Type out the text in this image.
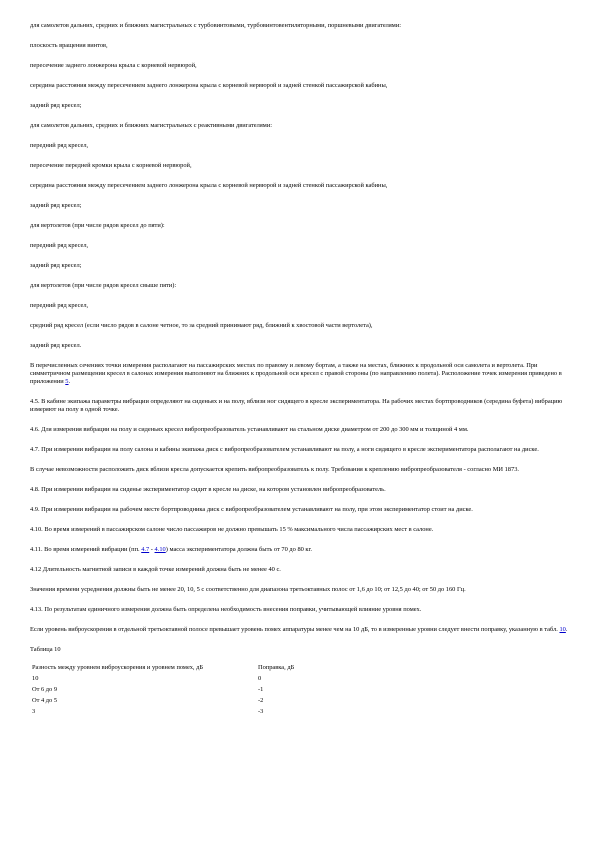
для самолетов дальних, средних и ближних магистральных с турбовинтовыми, турбовинтовентиляторными, поршневыми двигателями:

плоскость вращения винтов,

пересечение заднего лонжерона крыла с корневой нервюрой,

середина расстояния между пересечением заднего лонжерона крыла с корневой нервюрой и задней стенкой пассажирской кабины,

задний ряд кресел;

для самолетов дальних, средних и ближних магистральных с реактивными двигателями:

передний ряд кресел,

пересечение передней кромки крыла с корневой нервюрой,

середина расстояния между пересечением заднего лонжерона крыла с корневой нервюрой и задней стенкой пассажирской кабины,

задний ряд кресел;

для вертолетов (при числе рядов кресел до пяти):

передний ряд кресел,

задний ряд кресел;

для вертолетов (при числе рядов кресел свыше пяти):

передний ряд кресел,

средний ряд кресел (если число рядов в салоне четное, то за средний принимают ряд, ближний к хвостовой части вертолета),

задний ряд кресел.

В перечисленных сечениях точки измерения располагают на пассажирских местах по правому и левому бортам, а также на местах, ближних к продольной оси самолета и вертолета. При симметричном размещении кресел в салонах измерения выполняют на ближних к продольной оси кресел с правой стороны (по направлению полета). Расположение точек измерения приведено в приложении 5.

4.5. В кабине экипажа параметры вибрации определяют на сиденьях и на полу, вблизи ног сидящего в кресле экспериментатора. На рабочих местах бортпроводников (середина буфета) вибрацию измеряют на полу в одной точке.

4.6. Для измерения вибрации на полу и сиденьях кресел вибропреобразователь устанавливают на стальном диске диаметром от 200 до 300 мм и толщиной 4 мм.

4.7. При измерении вибрации на полу салона и кабины экипажа диск с вибропреобразователем устанавливают на полу, а ноги сидящего в кресле экспериментатора располагают на диске.

В случае невозможности расположить диск вблизи кресла допускается крепить вибропреобразователь к полу. Требования к креплению вибропреобразователя - согласно МИ 1873.

4.8. При измерении вибрации на сиденье экспериментатор сидит в кресле на диске, на котором установлен вибропреобразователь.

4.9. При измерении вибрации на рабочем месте бортпроводника диск с вибропреобразователем устанавливают на полу, при этом экспериментатор стоит на диске.

4.10. Во время измерений в пассажирском салоне число пассажиров не должно превышать 15 % максимального числа пассажирских мест в салоне.

4.11. Во время измерений вибрации (пп. 4.7 - 4.10) масса экспериментатора должна быть от 70 до 80 кг.

4.12 Длительность магнитной записи в каждой точке измерений должна быть не менее 40 с.

Значения времени усреднения должны быть не менее 20, 10, 5 с соответственно для диапазона третьоктавных полос от 1,6 до 10; от 12,5 до 40; от 50 до 160 Гц.

4.13. По результатам единичного измерения должна быть определена необходимость внесения поправки, учитывающей влияние уровня помех.

Если уровень виброускорения в отдельной третьоктавной полосе превышает уровень помех аппаратуры менее чем на 10 дБ, то в измеренные уровни следует внести поправку, указанную в табл. 10.

Таблица 10

Разность между уровнем виброускорения и уровнем помех, дБ	Поправка, дБ
10	0
От 6 до 9	-1
От 4 до 5	-2
3	-3
